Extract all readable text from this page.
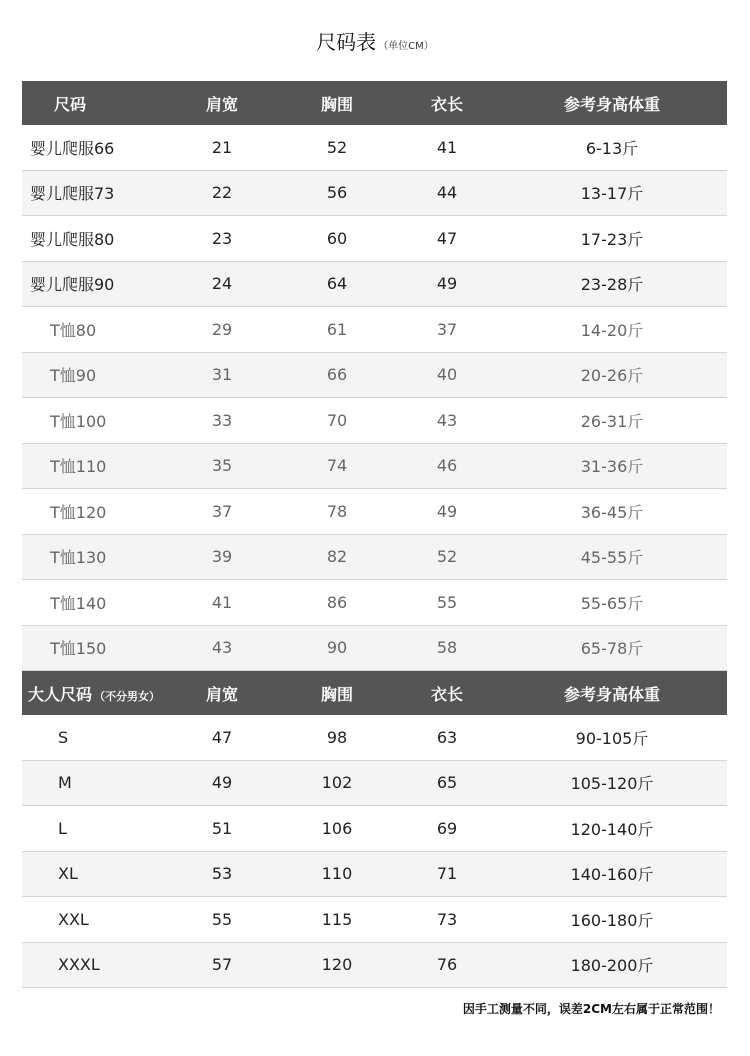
尺码表 （单位CM）
尺码	肩宽	胸围	衣长	参考身高体重
婴儿爬服66	21	52	41	6-13斤
婴儿爬服73	22	56	44	13-17斤
婴儿爬服80	23	60	47	17-23斤
婴儿爬服90	24	64	49	23-28斤
T恤80	29	61	37	14-20斤
T恤90	31	66	40	20-26斤
T恤100	33	70	43	26-31斤
T恤110	35	74	46	31-36斤
T恤120	37	78	49	36-45斤
T恤130	39	82	52	45-55斤
T恤140	41	86	55	55-65斤
T恤150	43	90	58	65-78斤
大人尺码 （不分男女）	肩宽	胸围	衣长	参考身高体重
S	47	98	63	90-105斤
M	49	102	65	105-120斤
L	51	106	69	120-140斤
XL	53	110	71	140-160斤
XXL	55	115	73	160-180斤
XXXL	57	120	76	180-200斤
因手工测量不同，误差2CM左右属于正常范围！
